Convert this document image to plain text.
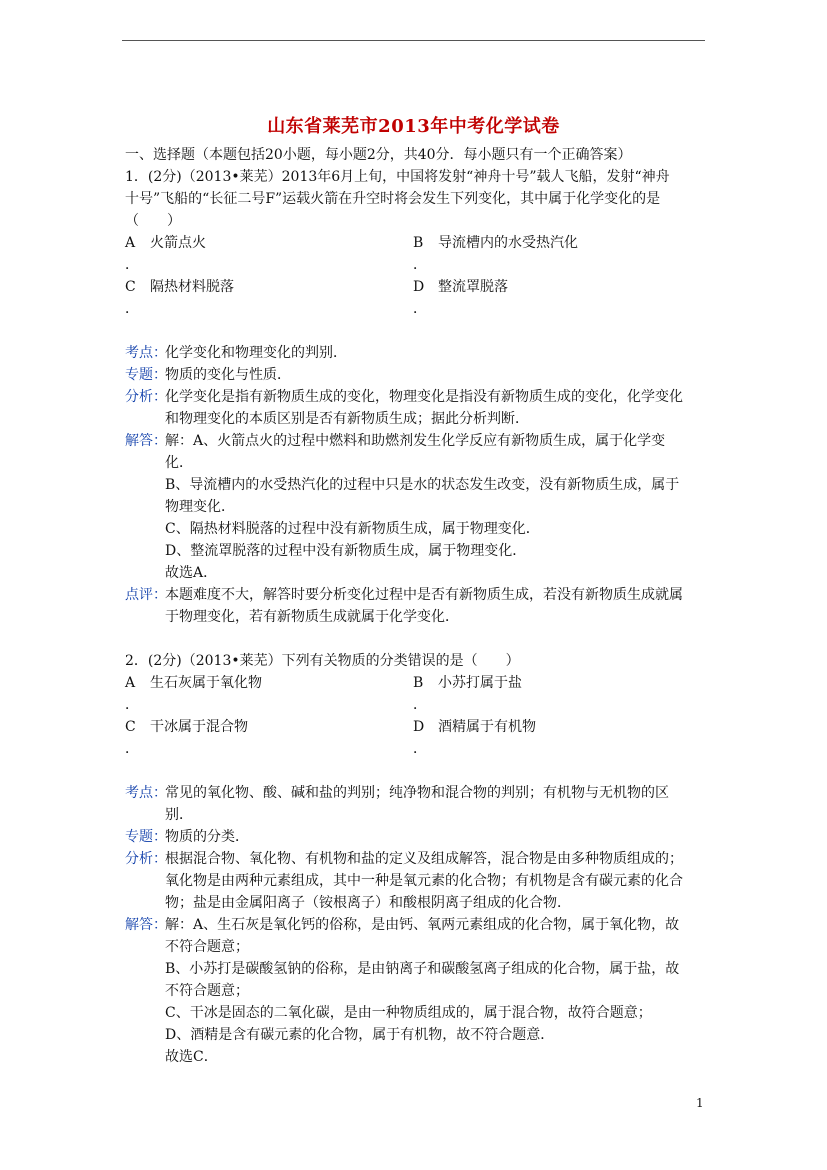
山东省莱芜市2013年中考化学试卷
一、选择题（本题包括20小题，每小题2分，共40分．每小题只有一个正确答案）
1．(2分)（2013•莱芜）2013年6月上旬，中国将发射“神舟十号”载人飞船，发射“神舟
十号”飞船的“长征二号F”运载火箭在升空时将会发生下列变化，其中属于化学变化的是
（　　）
A 火箭点火	B 导流槽内的水受热汽化
．	．
C 隔热材料脱落	D 整流罩脱落
．	．
考点：
化学变化和物理变化的判别．
专题：
物质的变化与性质．
分析：
化学变化是指有新物质生成的变化，物理变化是指没有新物质生成的变化，化学变化
和物理变化的本质区别是否有新物质生成；据此分析判断．
解答：
解：A、火箭点火的过程中燃料和助燃剂发生化学反应有新物质生成，属于化学变
化．
B、导流槽内的水受热汽化的过程中只是水的状态发生改变，没有新物质生成，属于
物理变化．
C、隔热材料脱落的过程中没有新物质生成，属于物理变化．
D、整流罩脱落的过程中没有新物质生成，属于物理变化．
故选A．
点评：
本题难度不大，解答时要分析变化过程中是否有新物质生成，若没有新物质生成就属
于物理变化，若有新物质生成就属于化学变化．
2．(2分)（2013•莱芜）下列有关物质的分类错误的是（　　）
A 生石灰属于氧化物	B 小苏打属于盐
．	．
C 干冰属于混合物	D 酒精属于有机物
．	．
考点：
常见的氧化物、酸、碱和盐的判别；纯净物和混合物的判别；有机物与无机物的区
别．
专题：
物质的分类．
分析：
根据混合物、氧化物、有机物和盐的定义及组成解答，混合物是由多种物质组成的；
氧化物是由两种元素组成，其中一种是氧元素的化合物；有机物是含有碳元素的化合
物；盐是由金属阳离子（铵根离子）和酸根阴离子组成的化合物．
解答：
解：A、生石灰是氧化钙的俗称，是由钙、氧两元素组成的化合物，属于氧化物，故
不符合题意；
B、小苏打是碳酸氢钠的俗称，是由钠离子和碳酸氢离子组成的化合物，属于盐，故
不符合题意；
C、干冰是固态的二氧化碳，是由一种物质组成的，属于混合物，故符合题意；
D、酒精是含有碳元素的化合物，属于有机物，故不符合题意．
故选C．
1
